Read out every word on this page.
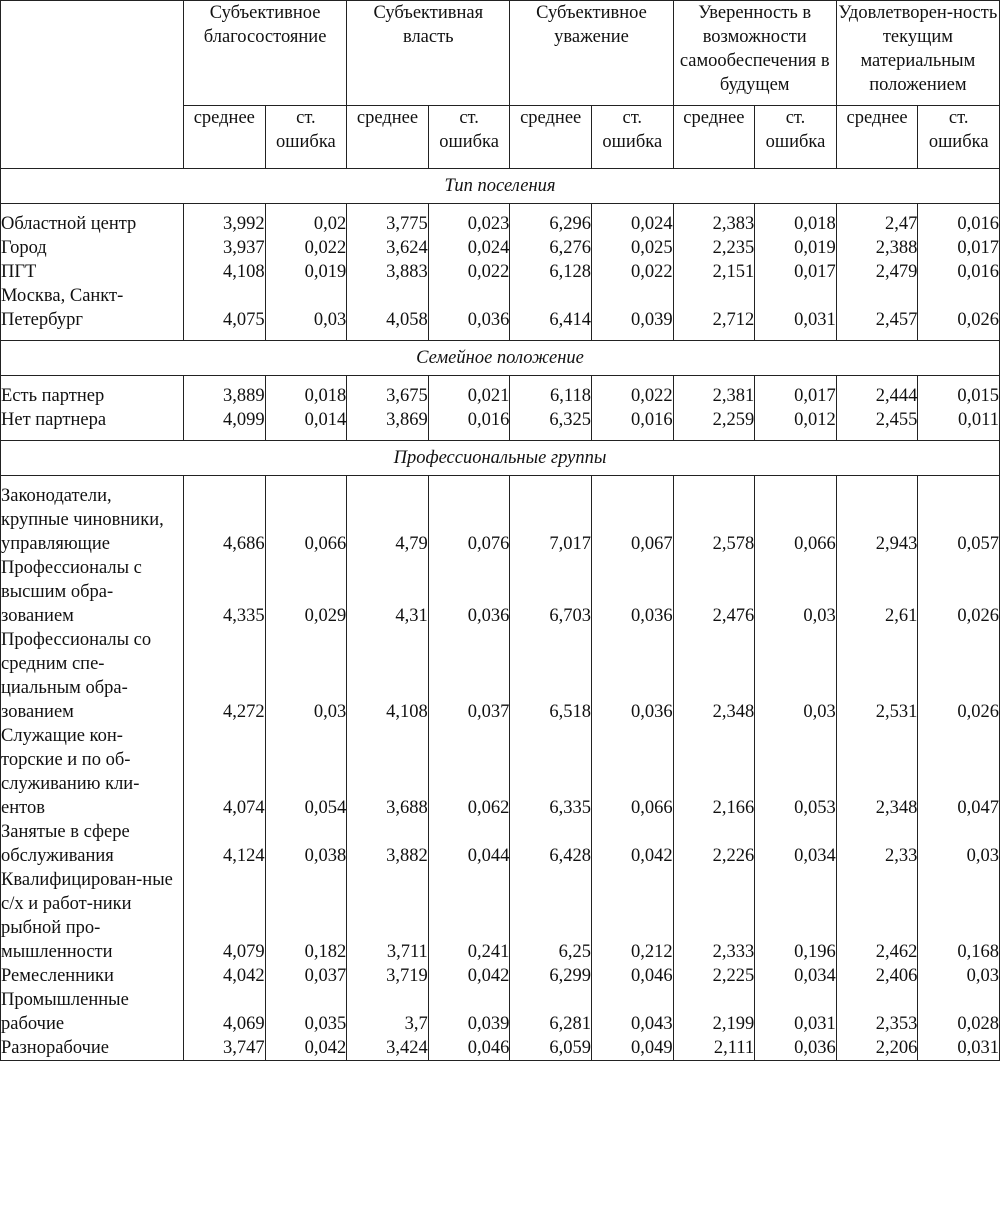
	Субъективное благосостояние		Субъективная власть		Субъективное уважение		Уверенность в возможности самообеспечения в будущем		Удовлетворен-ность текущим материальным положением	
	среднее	ст. ошибка	среднее	ст. ошибка	среднее	ст. ошибка	среднее	ст. ошибка	среднее	ст. ошибка
Тип поселения										
Областной центр	3,992	0,02	3,775	0,023	6,296	0,024	2,383	0,018	2,47	0,016
Город	3,937	0,022	3,624	0,024	6,276	0,025	2,235	0,019	2,388	0,017
ПГТ	4,108	0,019	3,883	0,022	6,128	0,022	2,151	0,017	2,479	0,016
Москва, Санкт-Петербург	4,075	0,03	4,058	0,036	6,414	0,039	2,712	0,031	2,457	0,026
Семейное положение										
Есть партнер	3,889	0,018	3,675	0,021	6,118	0,022	2,381	0,017	2,444	0,015
Нет партнера	4,099	0,014	3,869	0,016	6,325	0,016	2,259	0,012	2,455	0,011
Профессиональные группы										
Законодатели, крупные чиновники, управляющие	4,686	0,066	4,79	0,076	7,017	0,067	2,578	0,066	2,943	0,057
Профессионалы с высшим обра-зованием	4,335	0,029	4,31	0,036	6,703	0,036	2,476	0,03	2,61	0,026
Профессионалы со средним спе-циальным обра-зованием	4,272	0,03	4,108	0,037	6,518	0,036	2,348	0,03	2,531	0,026
Служащие кон-торские и по об-служиванию кли-ентов	4,074	0,054	3,688	0,062	6,335	0,066	2,166	0,053	2,348	0,047
Занятые в сфере обслуживания	4,124	0,038	3,882	0,044	6,428	0,042	2,226	0,034	2,33	0,03
Квалифицирован-ные с/х и работ-ники рыбной про-мышленности	4,079	0,182	3,711	0,241	6,25	0,212	2,333	0,196	2,462	0,168
Ремесленники	4,042	0,037	3,719	0,042	6,299	0,046	2,225	0,034	2,406	0,03
Промышленные рабочие	4,069	0,035	3,7	0,039	6,281	0,043	2,199	0,031	2,353	0,028
Разнорабочие	3,747	0,042	3,424	0,046	6,059	0,049	2,111	0,036	2,206	0,031
